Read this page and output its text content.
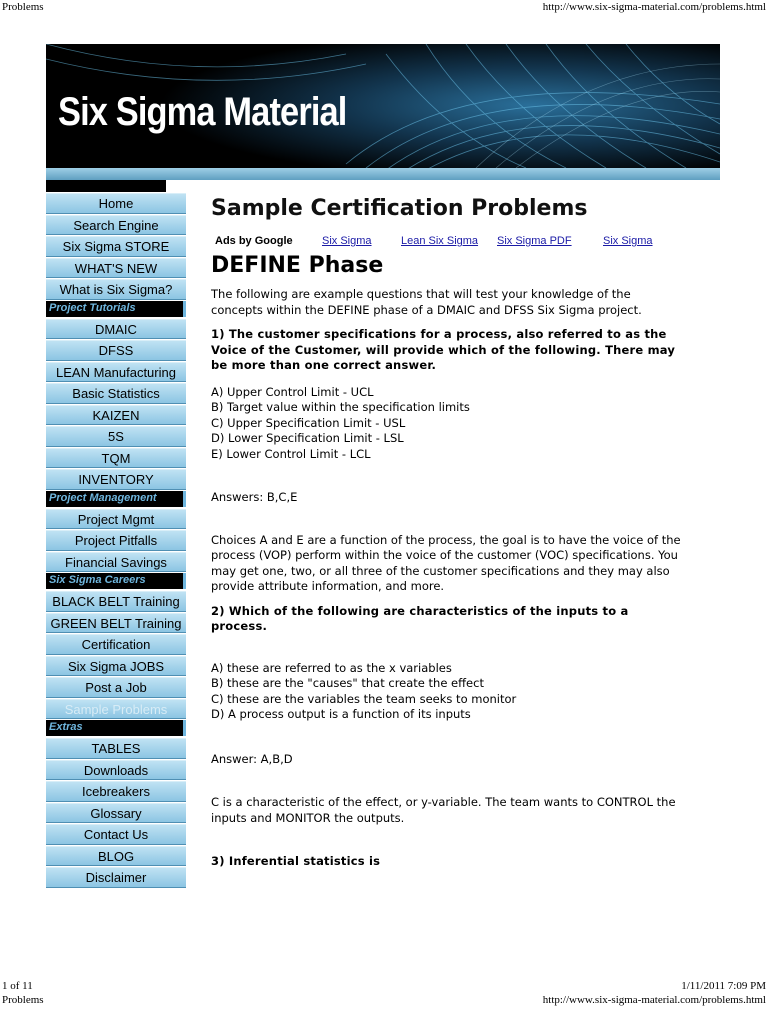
Problems	http://www.six-sigma-material.com/problems.html
Six Sigma Material
Home
Search Engine
Six Sigma STORE
WHAT'S NEW
What is Six Sigma?
Project Tutorials
DMAIC
DFSS
LEAN Manufacturing
Basic Statistics
KAIZEN
5S
TQM
INVENTORY
Project Management
Project Mgmt
Project Pitfalls
Financial Savings
Six Sigma Careers
BLACK BELT Training
GREEN BELT Training
Certification
Six Sigma JOBS
Post a Job
Sample Problems
Extras
TABLES
Downloads
Icebreakers
Glossary
Contact Us
BLOG
Disclaimer
Sample Certification Problems
Ads by Google	Six Sigma	Lean Six Sigma Six Sigma PDF	Six Sigma
DEFINE Phase

The following are example questions that will test your knowledge of the concepts within the DEFINE phase of a DMAIC and DFSS Six Sigma project.

1) The customer specifications for a process, also referred to as the Voice of the Customer, will provide which of the following. There may be more than one correct answer.

A) Upper Control Limit - UCL
B) Target value within the specification limits
C) Upper Specification Limit - USL
D) Lower Specification Limit - LSL
E) Lower Control Limit - LCL

Answers: B,C,E

Choices A and E are a function of the process, the goal is to have the voice of the process (VOP) perform within the voice of the customer (VOC) specifications. You may get one, two, or all three of the customer specifications and they may also provide attribute information, and more.

2) Which of the following are characteristics of the inputs to a process.

A) these are referred to as the x variables
B) these are the "causes" that create the effect
C) these are the variables the team seeks to monitor
D) A process output is a function of its inputs

Answer: A,B,D

C is a characteristic of the effect, or y-variable. The team wants to CONTROL the inputs and MONITOR the outputs.

3) Inferential statistics is

1 of 11	1/11/2011 7:09 PM
Problems	http://www.six-sigma-material.com/problems.html
